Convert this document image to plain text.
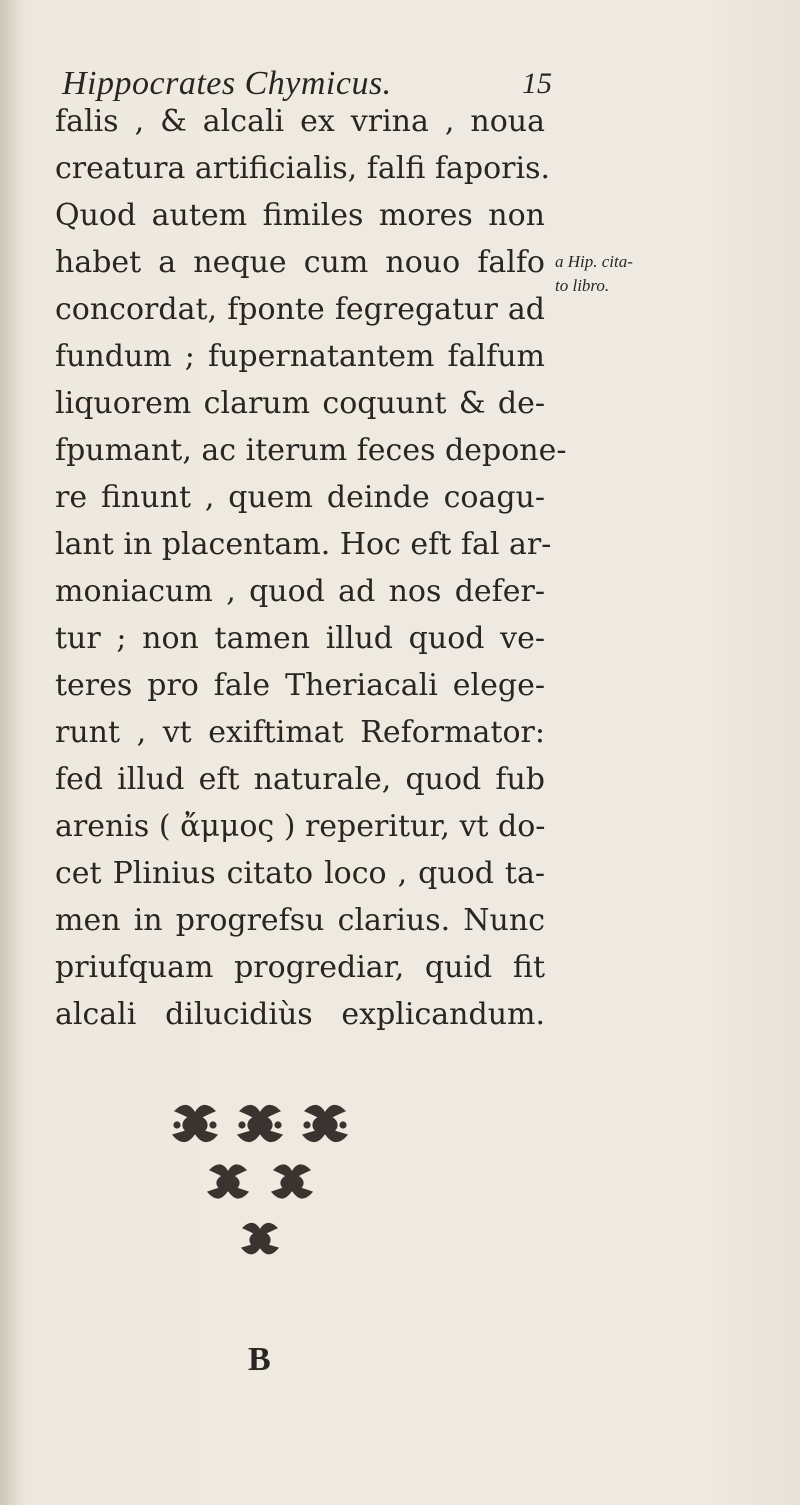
Hippocrates Chymicus.	15
falis , & alcali ex vrina , noua
creatura artificialis, falfi faporis.
Quod autem fimiles mores non
habet a neque cum nouo falfo
concordat, fponte fegregatur ad
fundum ; fupernatantem falfum
liquorem clarum coquunt & de-
fpumant, ac iterum feces depone-
re finunt , quem deinde coagu-
lant in placentam. Hoc eft fal ar-
moniacum , quod ad nos defer-
tur ; non tamen illud quod ve-
teres pro fale Theriacali elege-
runt , vt exiftimat Reformator:
fed illud eft naturale, quod fub
arenis ( ἄμμος ) reperitur, vt do-
cet Plinius citato loco , quod ta-
men in progrefsu clarius. Nunc
priufquam progrediar, quid fit
alcali dilucidiùs explicandum.
a Hip. cita-
to libro.
B
